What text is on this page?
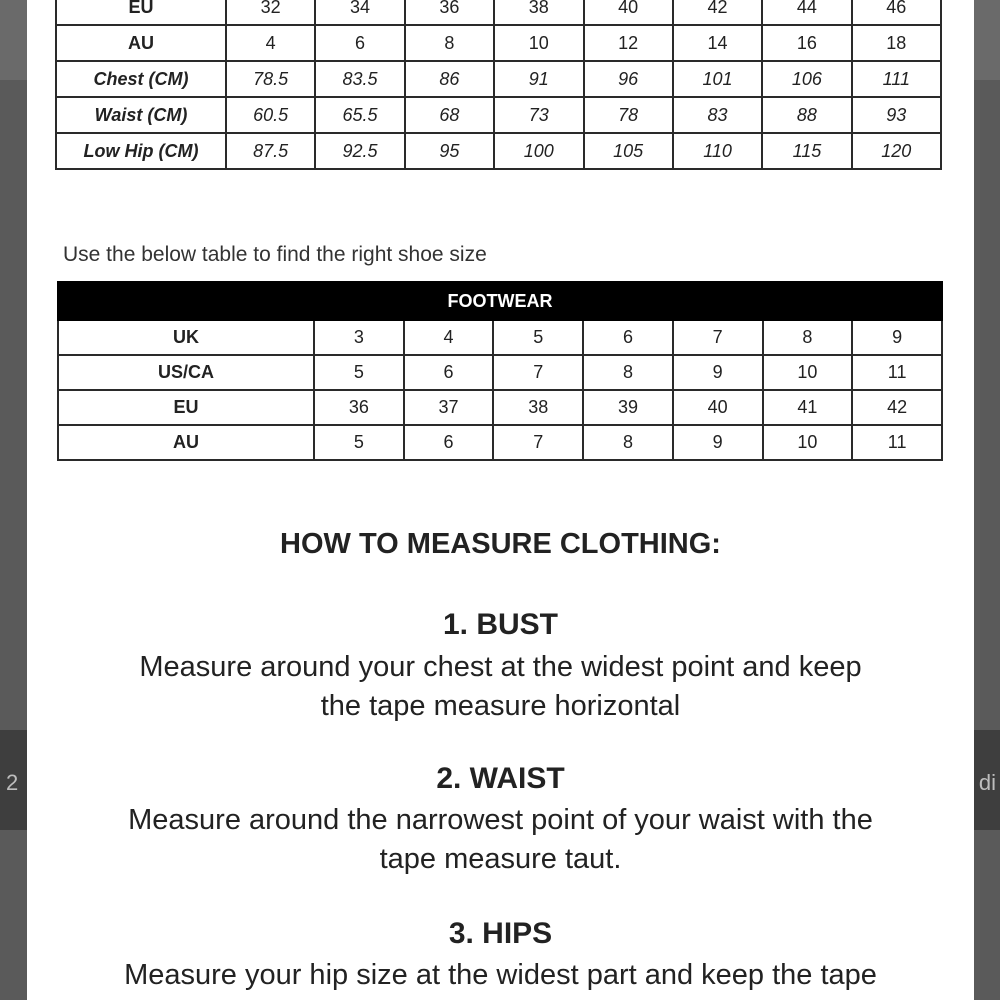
2	di
EU	32	34	36	38	40	42	44	46
AU	4	6	8	10	12	14	16	18
Chest (CM)	78.5	83.5	86	91	96	101	106	111
Waist (CM)	60.5	65.5	68	73	78	83	88	93
Low Hip (CM)	87.5	92.5	95	100	105	110	115	120
Use the below table to find the right shoe size
FOOTWEAR							
UK	3	4	5	6	7	8	9
US/CA	5	6	7	8	9	10	11
EU	36	37	38	39	40	41	42
AU	5	6	7	8	9	10	11
HOW TO MEASURE CLOTHING:
1. BUST
Measure around your chest at the widest point and keep
the tape measure horizontal
2. WAIST
Measure around the narrowest point of your waist with the
tape measure taut.
3. HIPS
Measure your hip size at the widest part and keep the tape
